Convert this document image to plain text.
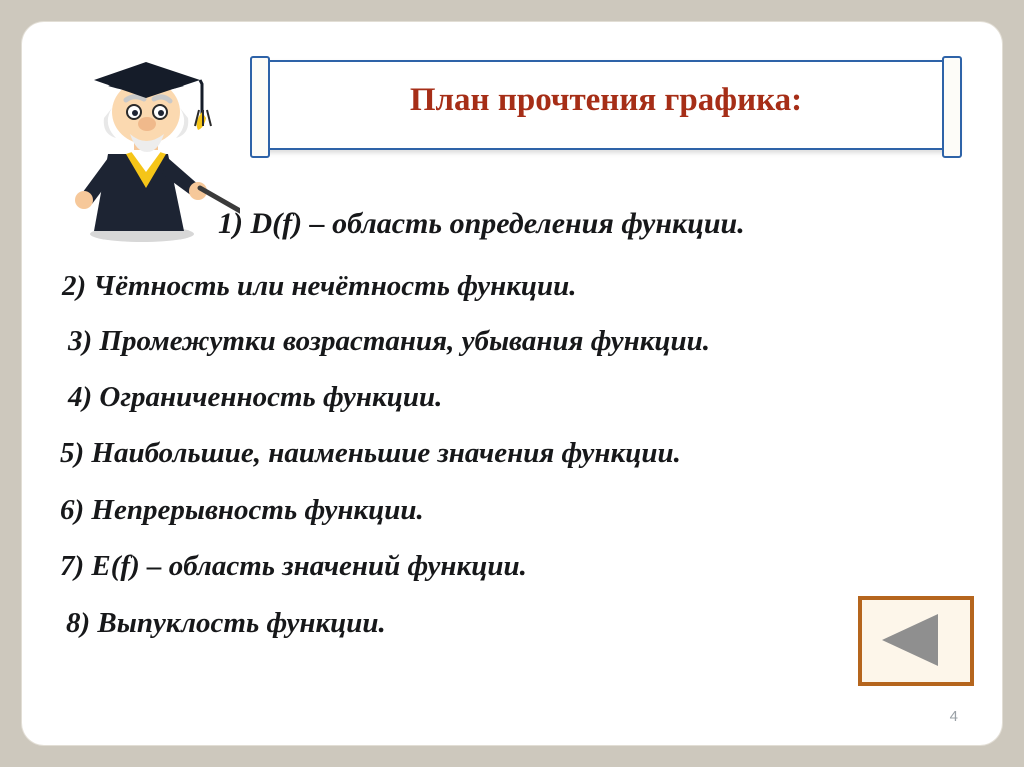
План прочтения графика:
1) D(f) – область определения функции.
2) Чётность или нечётность функции.
3) Промежутки возрастания, убывания функции.
4) Ограниченность функции.
5) Наибольшие, наименьшие значения функции.
6) Непрерывность функции.
7) E(f) – область значений функции.
8) Выпуклость функции.
4
